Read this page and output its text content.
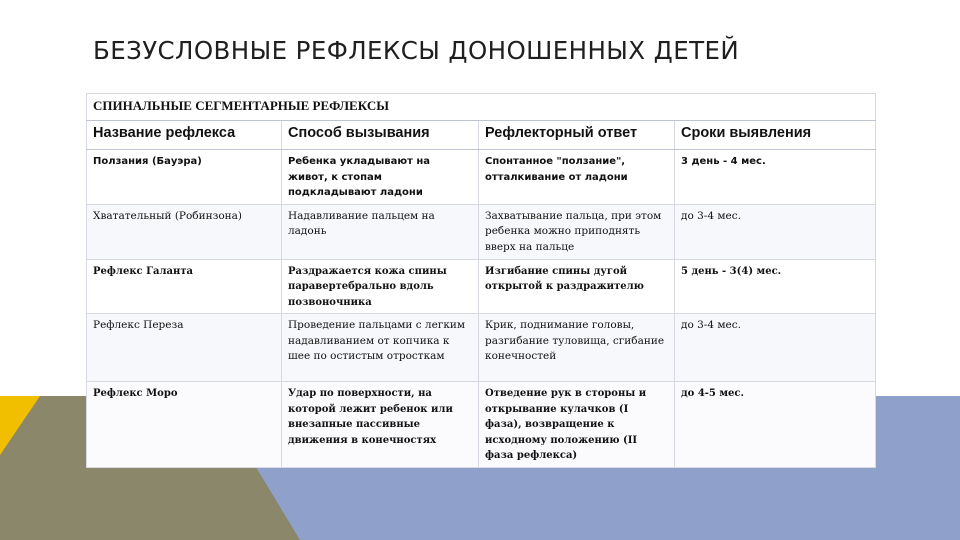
БЕЗУСЛОВНЫЕ РЕФЛЕКСЫ ДОНОШЕННЫХ ДЕТЕЙ
СПИНАЛЬНЫЕ СЕГМЕНТАРНЫЕ РЕФЛЕКСЫ			
Название рефлекса	Способ вызывания	Рефлекторный ответ	Сроки выявления
Ползания (Бауэра)	Ребенка укладывают на живот, к стопам подкладывают ладони	Спонтанное "ползание", отталкивание от ладони	3 день - 4 мес.
Хватательный (Робинзона)	Надавливание пальцем на ладонь	Захватывание пальца, при этом ребенка можно приподнять вверх на пальце	до 3-4 мес.
Рефлекс Галанта	Раздражается кожа спины паравертебрально вдоль позвоночника	Изгибание спины дугой открытой к раздражителю	5 день - 3(4) мес.
Рефлекс Переза	Проведение пальцами с легким надавливанием от копчика к шее по остистым отросткам	Крик, поднимание головы, разгибание туловища, сгибание конечностей	до 3-4 мес.
Рефлекс Моро	Удар по поверхности, на которой лежит ребенок или внезапные пассивные движения в конечностях	Отведение рук в стороны и открывание кулачков (I фаза), возвращение к исходному положению (II фаза рефлекса)	до 4-5 мес.
